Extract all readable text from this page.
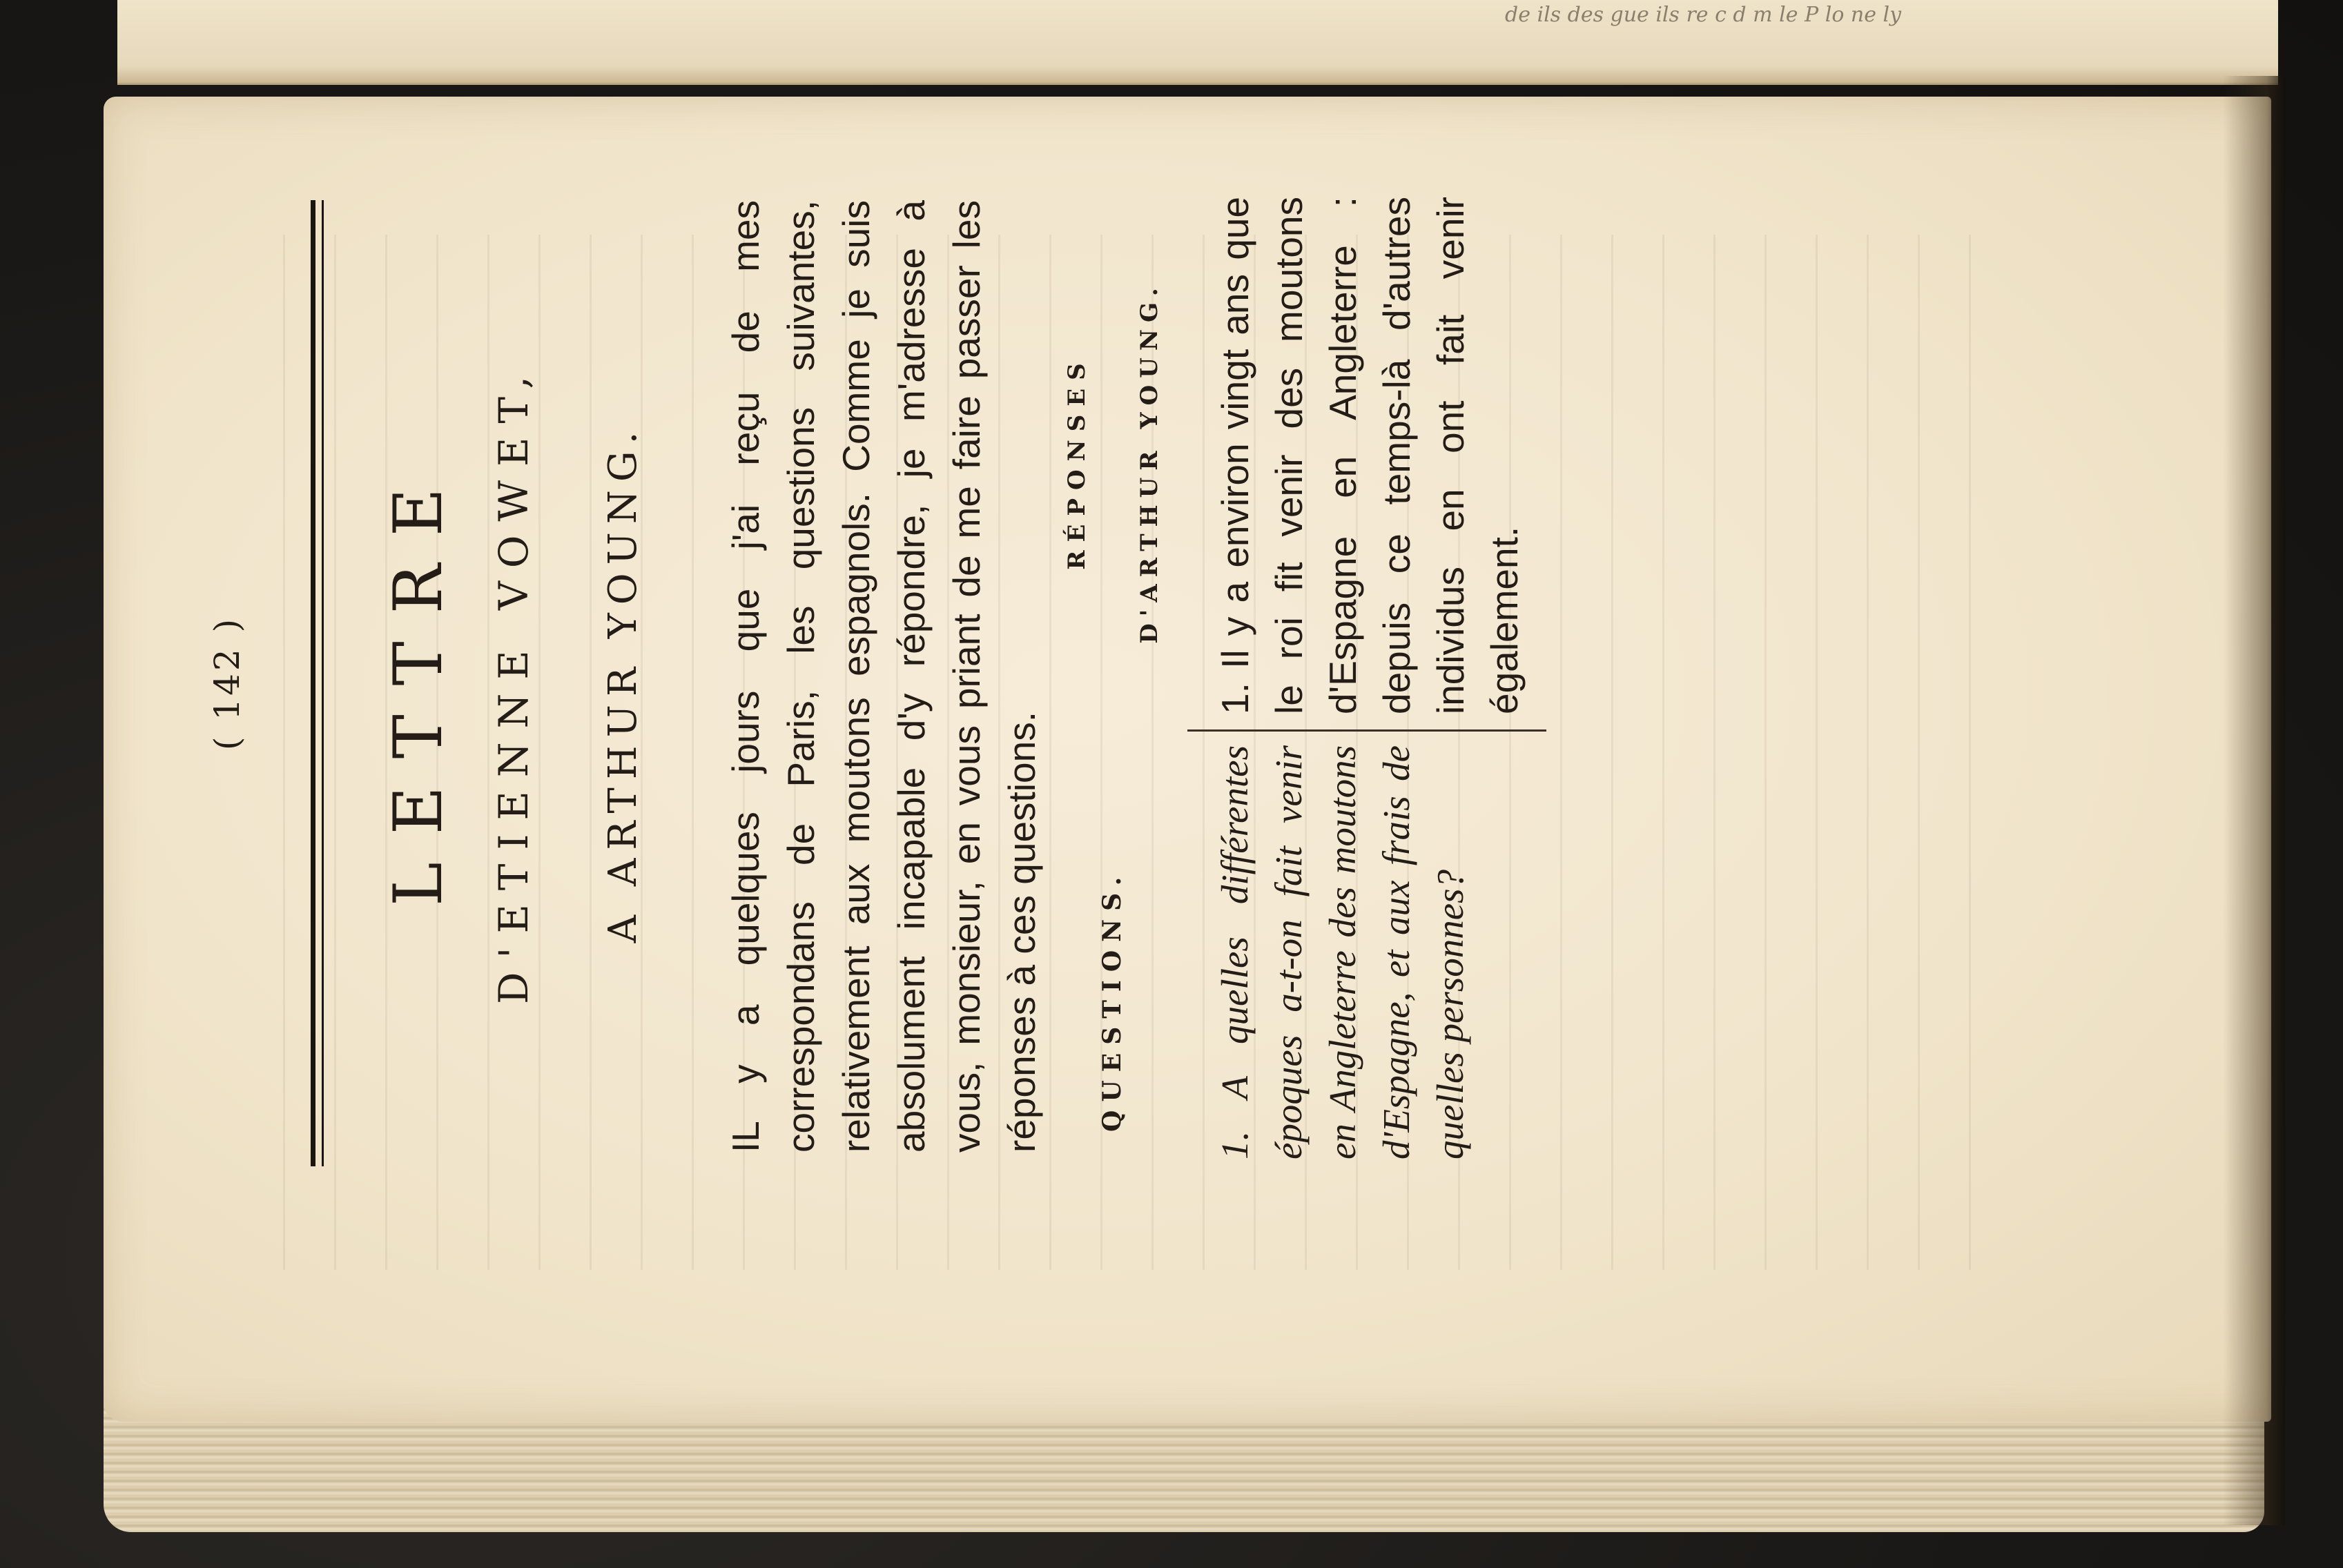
de ils des gue ils re c d m le P lo ne ly
( 142 ) LETTRE D'ETIENNE VOWET, A ARTHUR YOUNG. IL y a quelques jours que j'ai reçu de mes correspondans de Paris, les questions suivantes, relativement aux moutons espagnols. Comme je suis absolument incapable d'y répondre, je m'adresse à vous, monsieur, en vous priant de me faire passer les réponses à ces questions. QUESTIONS.
RÉPONSES D'ARTHUR YOUNG.
1. A quelles différentes époques a-t-on fait venir en Angleterre des moutons d'Espagne, et aux frais de quelles personnes?
1. Il y a environ vingt ans que le roi fit venir des moutons d'Espagne en Angleterre : depuis ce temps-là d'autres individus en ont fait venir également.
